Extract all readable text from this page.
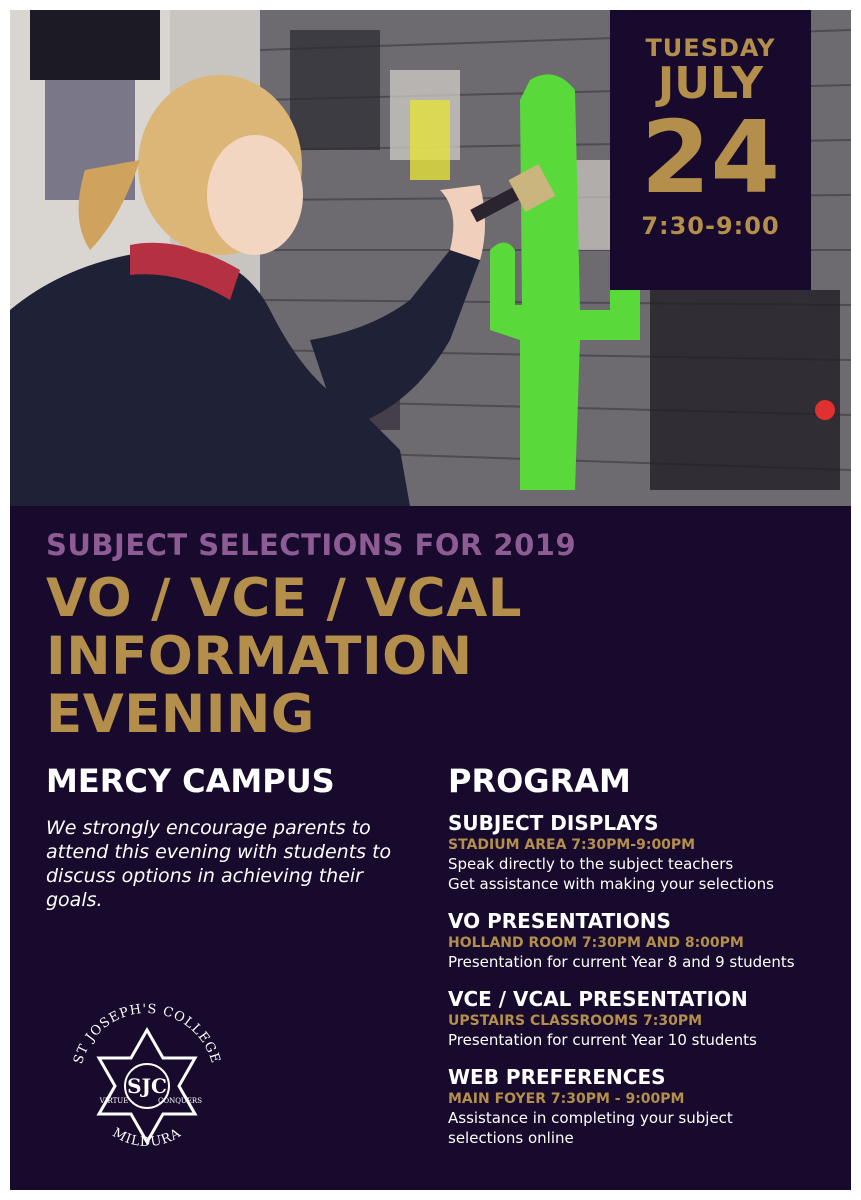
TUESDAY
JULY
24
7:30-9:00
SUBJECT SELECTIONS FOR 2019
VO / VCE / VCAL
INFORMATION
EVENING
MERCY CAMPUS
We strongly encourage parents to attend this evening with students to discuss options in achieving their goals.
PROGRAM
SUBJECT DISPLAYS
STADIUM AREA 7:30PM-9:00PM
Speak directly to the subject teachers
Get assistance with making your selections
VO PRESENTATIONS
HOLLAND ROOM 7:30PM AND 8:00PM
Presentation for current Year 8 and 9 students
VCE / VCAL PRESENTATION
UPSTAIRS CLASSROOMS 7:30PM
Presentation for current Year 10 students
WEB PREFERENCES
MAIN FOYER 7:30PM - 9:00PM
Assistance in completing your subject
selections online
ST JOSEPH'S COLLEGE
SJC
VIRTUE	CONQUERS
MILDURA
